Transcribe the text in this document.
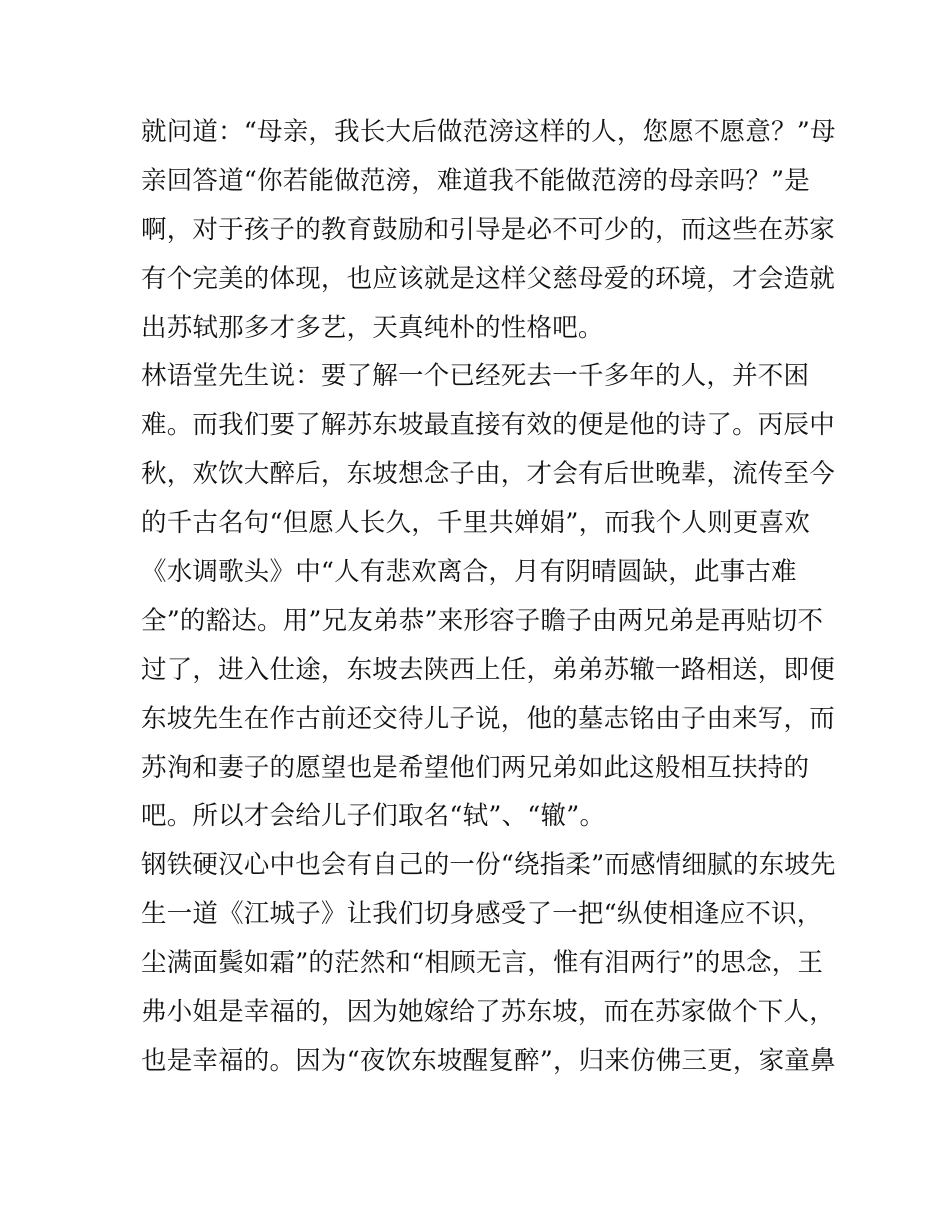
就问道：“母亲，我长大后做范滂这样的人，您愿不愿意？”母
亲回答道“你若能做范滂，难道我不能做范滂的母亲吗？”是
啊，对于孩子的教育鼓励和引导是必不可少的，而这些在苏家
有个完美的体现，也应该就是这样父慈母爱的环境，才会造就
出苏轼那多才多艺，天真纯朴的性格吧。
林语堂先生说：要了解一个已经死去一千多年的人，并不困
难。而我们要了解苏东坡最直接有效的便是他的诗了。丙辰中
秋，欢饮大醉后，东坡想念子由，才会有后世晚辈，流传至今
的千古名句“但愿人长久，千里共婵娟”，而我个人则更喜欢
《水调歌头》中“人有悲欢离合，月有阴晴圆缺，此事古难
全”的豁达。用”兄友弟恭”来形容子瞻子由两兄弟是再贴切不
过了，进入仕途，东坡去陕西上任，弟弟苏辙一路相送，即便
东坡先生在作古前还交待儿子说，他的墓志铭由子由来写，而
苏洵和妻子的愿望也是希望他们两兄弟如此这般相互扶持的
吧。所以才会给儿子们取名“轼”、“辙”。
钢铁硬汉心中也会有自己的一份“绕指柔”而感情细腻的东坡先
生一道《江城子》让我们切身感受了一把“纵使相逢应不识，
尘满面鬓如霜”的茫然和“相顾无言，惟有泪两行”的思念，王
弗小姐是幸福的，因为她嫁给了苏东坡，而在苏家做个下人，
也是幸福的。因为“夜饮东坡醒复醉”，归来仿佛三更，家童鼻
